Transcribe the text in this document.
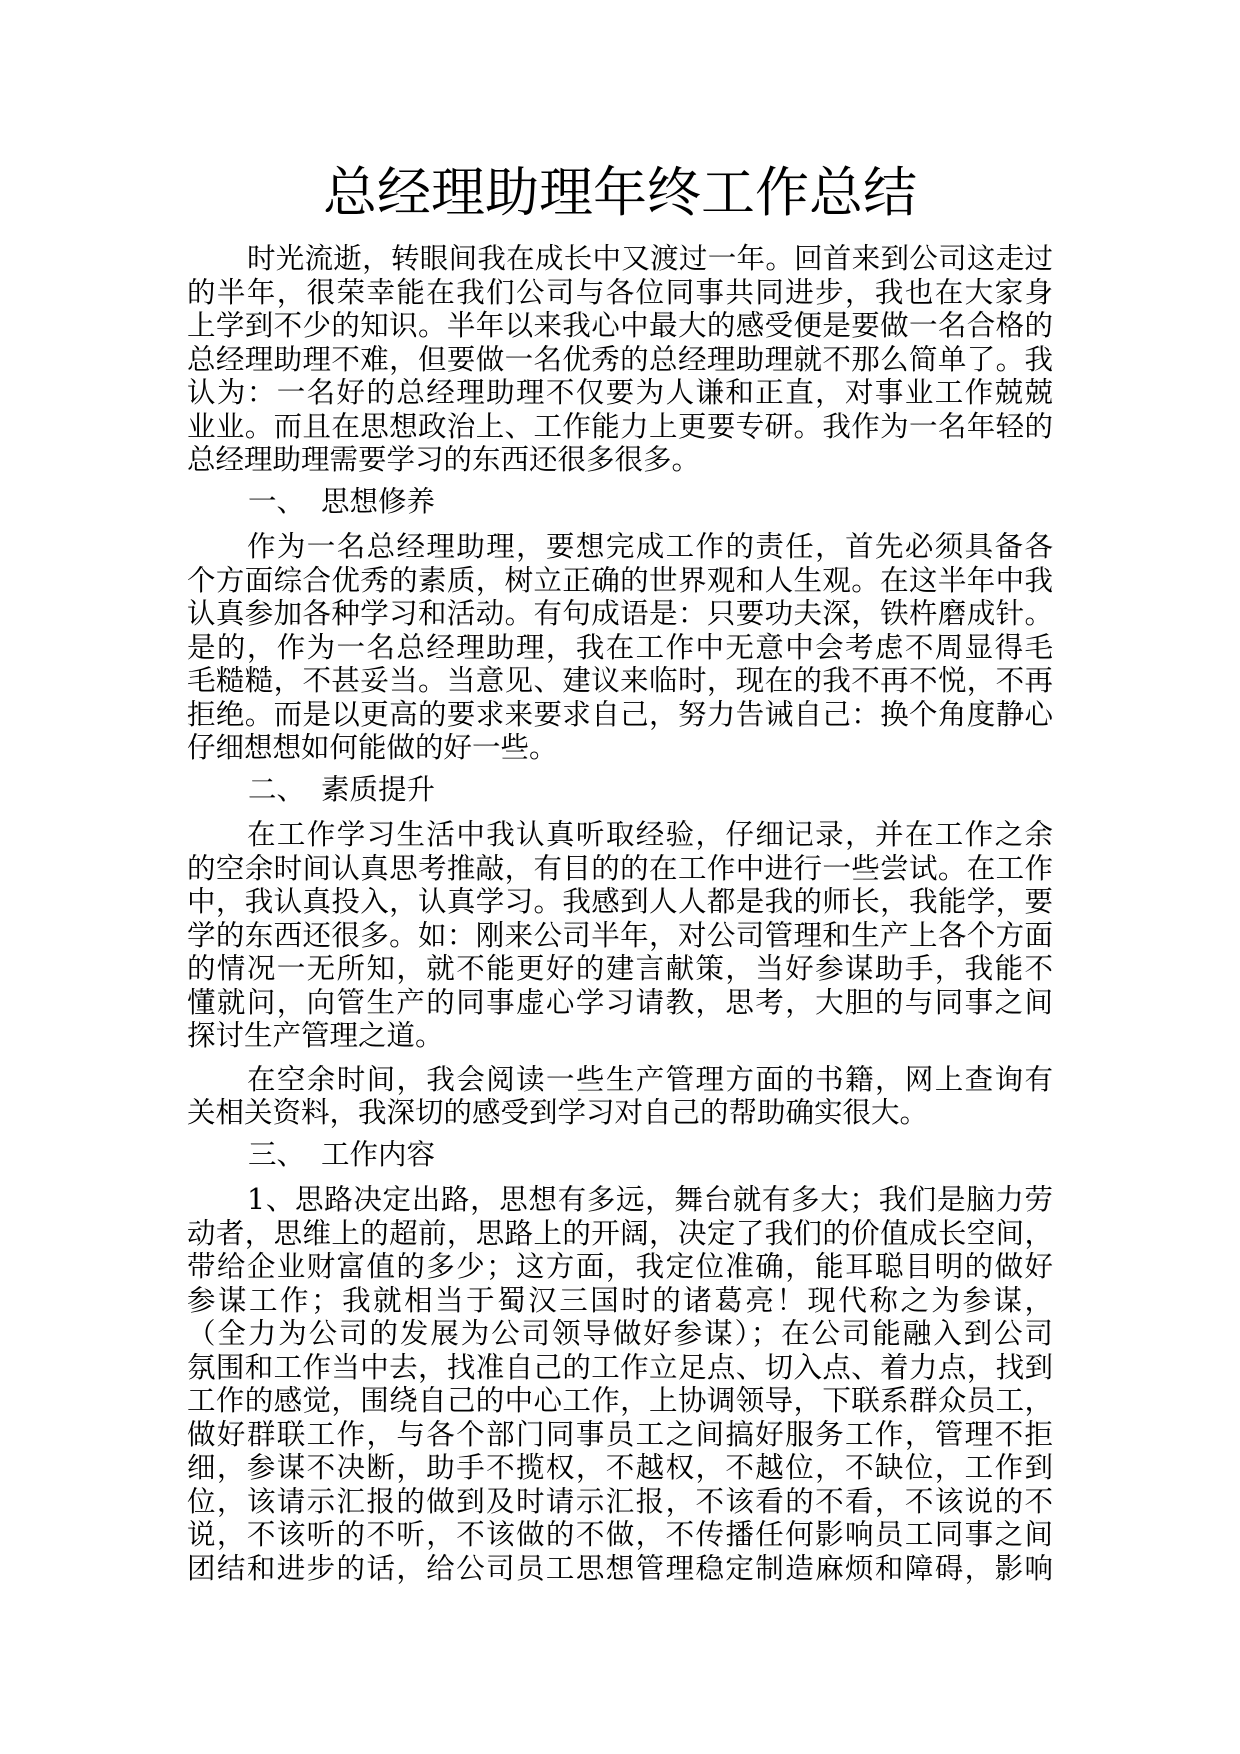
总经理助理年终工作总结
时光流逝，转眼间我在成长中又渡过一年。回首来到公司这走过
的半年，很荣幸能在我们公司与各位同事共同进步，我也在大家身
上学到不少的知识。半年以来我心中最大的感受便是要做一名合格的
总经理助理不难，但要做一名优秀的总经理助理就不那么简单了。我
认为：一名好的总经理助理不仅要为人谦和正直，对事业工作兢兢
业业。而且在思想政治上、工作能力上更要专研。我作为一名年轻的
总经理助理需要学习的东西还很多很多。
一、 思想修养
作为一名总经理助理，要想完成工作的责任，首先必须具备各
个方面综合优秀的素质，树立正确的世界观和人生观。在这半年中我
认真参加各种学习和活动。有句成语是：只要功夫深，铁杵磨成针。
是的，作为一名总经理助理，我在工作中无意中会考虑不周显得毛
毛糙糙，不甚妥当。当意见、建议来临时，现在的我不再不悦，不再
拒绝。而是以更高的要求来要求自己，努力告诫自己：换个角度静心
仔细想想如何能做的好一些。
二、 素质提升
在工作学习生活中我认真听取经验，仔细记录，并在工作之余
的空余时间认真思考推敲，有目的的在工作中进行一些尝试。在工作
中，我认真投入，认真学习。我感到人人都是我的师长，我能学，要
学的东西还很多。如：刚来公司半年，对公司管理和生产上各个方面
的情况一无所知，就不能更好的建言献策，当好参谋助手，我能不
懂就问，向管生产的同事虚心学习请教，思考，大胆的与同事之间
探讨生产管理之道。
在空余时间，我会阅读一些生产管理方面的书籍，网上查询有
关相关资料，我深切的感受到学习对自己的帮助确实很大。
三、 工作内容
1、思路决定出路，思想有多远，舞台就有多大；我们是脑力劳
动者，思维上的超前，思路上的开阔，决定了我们的价值成长空间，
带给企业财富值的多少；这方面，我定位准确，能耳聪目明的做好
参谋工作；我就相当于蜀汉三国时的诸葛亮！现代称之为参谋，
（全力为公司的发展为公司领导做好参谋）；在公司能融入到公司
氛围和工作当中去，找准自己的工作立足点、切入点、着力点，找到
工作的感觉，围绕自己的中心工作，上协调领导，下联系群众员工，
做好群联工作，与各个部门同事员工之间搞好服务工作，管理不拒
细，参谋不决断，助手不揽权，不越权，不越位，不缺位，工作到
位，该请示汇报的做到及时请示汇报，不该看的不看，不该说的不
说，不该听的不听，不该做的不做，不传播任何影响员工同事之间
团结和进步的话，给公司员工思想管理稳定制造麻烦和障碍，影响
